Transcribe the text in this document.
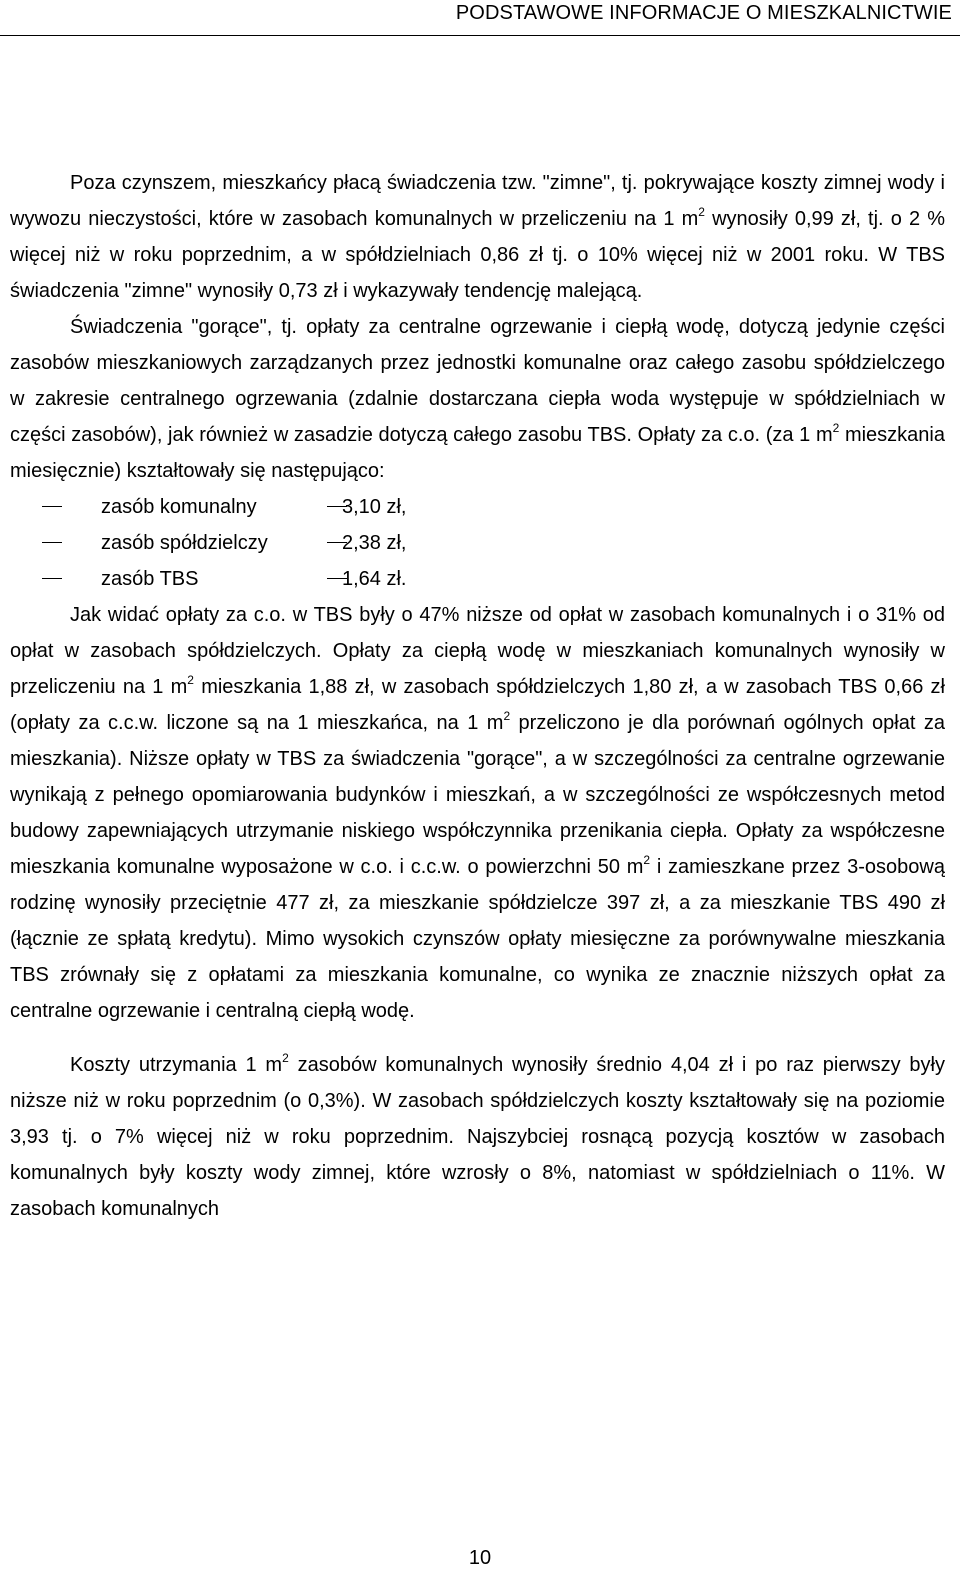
PODSTAWOWE INFORMACJE O MIESZKALNICTWIE

Poza czynszem, mieszkańcy płacą świadczenia tzw. "zimne", tj. pokrywające koszty zimnej wody i wywozu nieczystości, które w zasobach komunalnych w przeliczeniu na 1 $m^2$ wynosiły 0,99 zł, tj. o 2 % więcej niż w roku poprzednim, a w spółdzielniach 0,86 zł tj. o 10% więcej niż w 2001 roku. W TBS świadczenia "zimne" wynosiły 0,73 zł i wykazywały tendencję malejącą.

Świadczenia "gorące", tj. opłaty za centralne ogrzewanie i ciepłą wodę, dotyczą jedynie części zasobów mieszkaniowych zarządzanych przez jednostki komunalne oraz całego zasobu spółdzielczego w zakresie centralnego ogrzewania (zdalnie dostarczana ciepła woda występuje w spółdzielniach w części zasobów), jak również w zasadzie dotyczą całego zasobu TBS. Opłaty za c.o. (za 1 $m^2$ mieszkania miesięcznie) kształtowały się następująco:

zasób komunalny	3,10 zł,
zasób spółdzielczy	2,38 zł,
zasób TBS	1,64 zł.

Jak widać opłaty za c.o. w TBS były o 47% niższe od opłat w zasobach komunalnych i o 31% od opłat w zasobach spółdzielczych. Opłaty za ciepłą wodę w mieszkaniach komunalnych wynosiły w przeliczeniu na 1 $m^2$ mieszkania 1,88 zł, w zasobach spółdzielczych 1,80 zł, a w zasobach TBS 0,66 zł (opłaty za c.c.w. liczone są na 1 mieszkańca, na 1 $m^2$ przeliczono je dla porównań ogólnych opłat za mieszkania). Niższe opłaty w TBS za świadczenia "gorące", a w szczególności za centralne ogrzewanie wynikają z pełnego opomiarowania budynków i mieszkań, a w szczególności ze współczesnych metod budowy zapewniających utrzymanie niskiego współczynnika przenikania ciepła. Opłaty za współczesne mieszkania komunalne wyposażone w c.o. i c.c.w. o powierzchni 50 $m^2$ i zamieszkane przez 3-osobową rodzinę wynosiły przeciętnie 477 zł, za mieszkanie spółdzielcze 397 zł, a za mieszkanie TBS 490 zł (łącznie ze spłatą kredytu). Mimo wysokich czynszów opłaty miesięczne za porównywalne mieszkania TBS zrównały się z opłatami za mieszkania komunalne, co wynika ze znacznie niższych opłat za centralne ogrzewanie i centralną ciepłą wodę.

Koszty utrzymania 1 $m^2$ zasobów komunalnych wynosiły średnio 4,04 zł i po raz pierwszy były niższe niż w roku poprzednim (o 0,3%). W zasobach spółdzielczych koszty kształtowały się na poziomie 3,93 tj. o 7% więcej niż w roku poprzednim. Najszybciej rosnącą pozycją kosztów w zasobach komunalnych były koszty wody zimnej, które wzrosły o 8%, natomiast w spółdzielniach o 11%. W zasobach komunalnych

10
